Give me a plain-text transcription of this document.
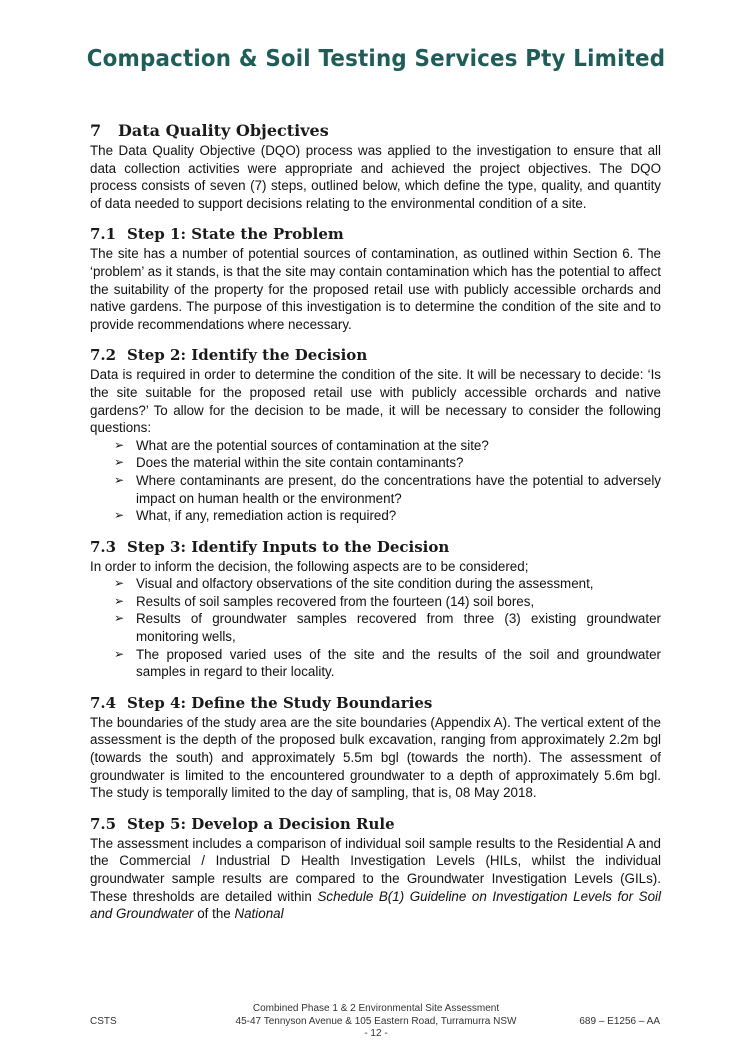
Compaction & Soil Testing Services Pty Limited
7 Data Quality Objectives

The Data Quality Objective (DQO) process was applied to the investigation to ensure that all data collection activities were appropriate and achieved the project objectives. The DQO process consists of seven (7) steps, outlined below, which define the type, quality, and quantity of data needed to support decisions relating to the environmental condition of a site.

7.1 Step 1: State the Problem

The site has a number of potential sources of contamination, as outlined within Section 6. The ‘problem’ as it stands, is that the site may contain contamination which has the potential to affect the suitability of the property for the proposed retail use with publicly accessible orchards and native gardens. The purpose of this investigation is to determine the condition of the site and to provide recommendations where necessary.

7.2 Step 2: Identify the Decision

Data is required in order to determine the condition of the site. It will be necessary to decide: ‘Is the site suitable for the proposed retail use with publicly accessible orchards and native gardens?’ To allow for the decision to be made, it will be necessary to consider the following questions:

➢ What are the potential sources of contamination at the site?
➢ Does the material within the site contain contaminants?
➢ Where contaminants are present, do the concentrations have the potential to adversely impact on human health or the environment?
➢ What, if any, remediation action is required?
7.3 Step 3: Identify Inputs to the Decision

In order to inform the decision, the following aspects are to be considered;

➢ Visual and olfactory observations of the site condition during the assessment,
➢ Results of soil samples recovered from the fourteen (14) soil bores,
➢ Results of groundwater samples recovered from three (3) existing groundwater monitoring wells,
➢ The proposed varied uses of the site and the results of the soil and groundwater samples in regard to their locality.
7.4 Step 4: Define the Study Boundaries

The boundaries of the study area are the site boundaries (Appendix A). The vertical extent of the assessment is the depth of the proposed bulk excavation, ranging from approximately 2.2m bgl (towards the south) and approximately 5.5m bgl (towards the north). The assessment of groundwater is limited to the encountered groundwater to a depth of approximately 5.6m bgl. The study is temporally limited to the day of sampling, that is, 08 May 2018.

7.5 Step 5: Develop a Decision Rule

The assessment includes a comparison of individual soil sample results to the Residential A and the Commercial / Industrial D Health Investigation Levels (HILs, whilst the individual groundwater sample results are compared to the Groundwater Investigation Levels (GILs). These thresholds are detailed within Schedule B(1) Guideline on Investigation Levels for Soil and Groundwater of the National

Combined Phase 1 & 2 Environmental Site Assessment
CSTS	45-47 Tennyson Avenue & 105 Eastern Road, Turramurra NSW	689 – E1256 – AA
- 12 -
